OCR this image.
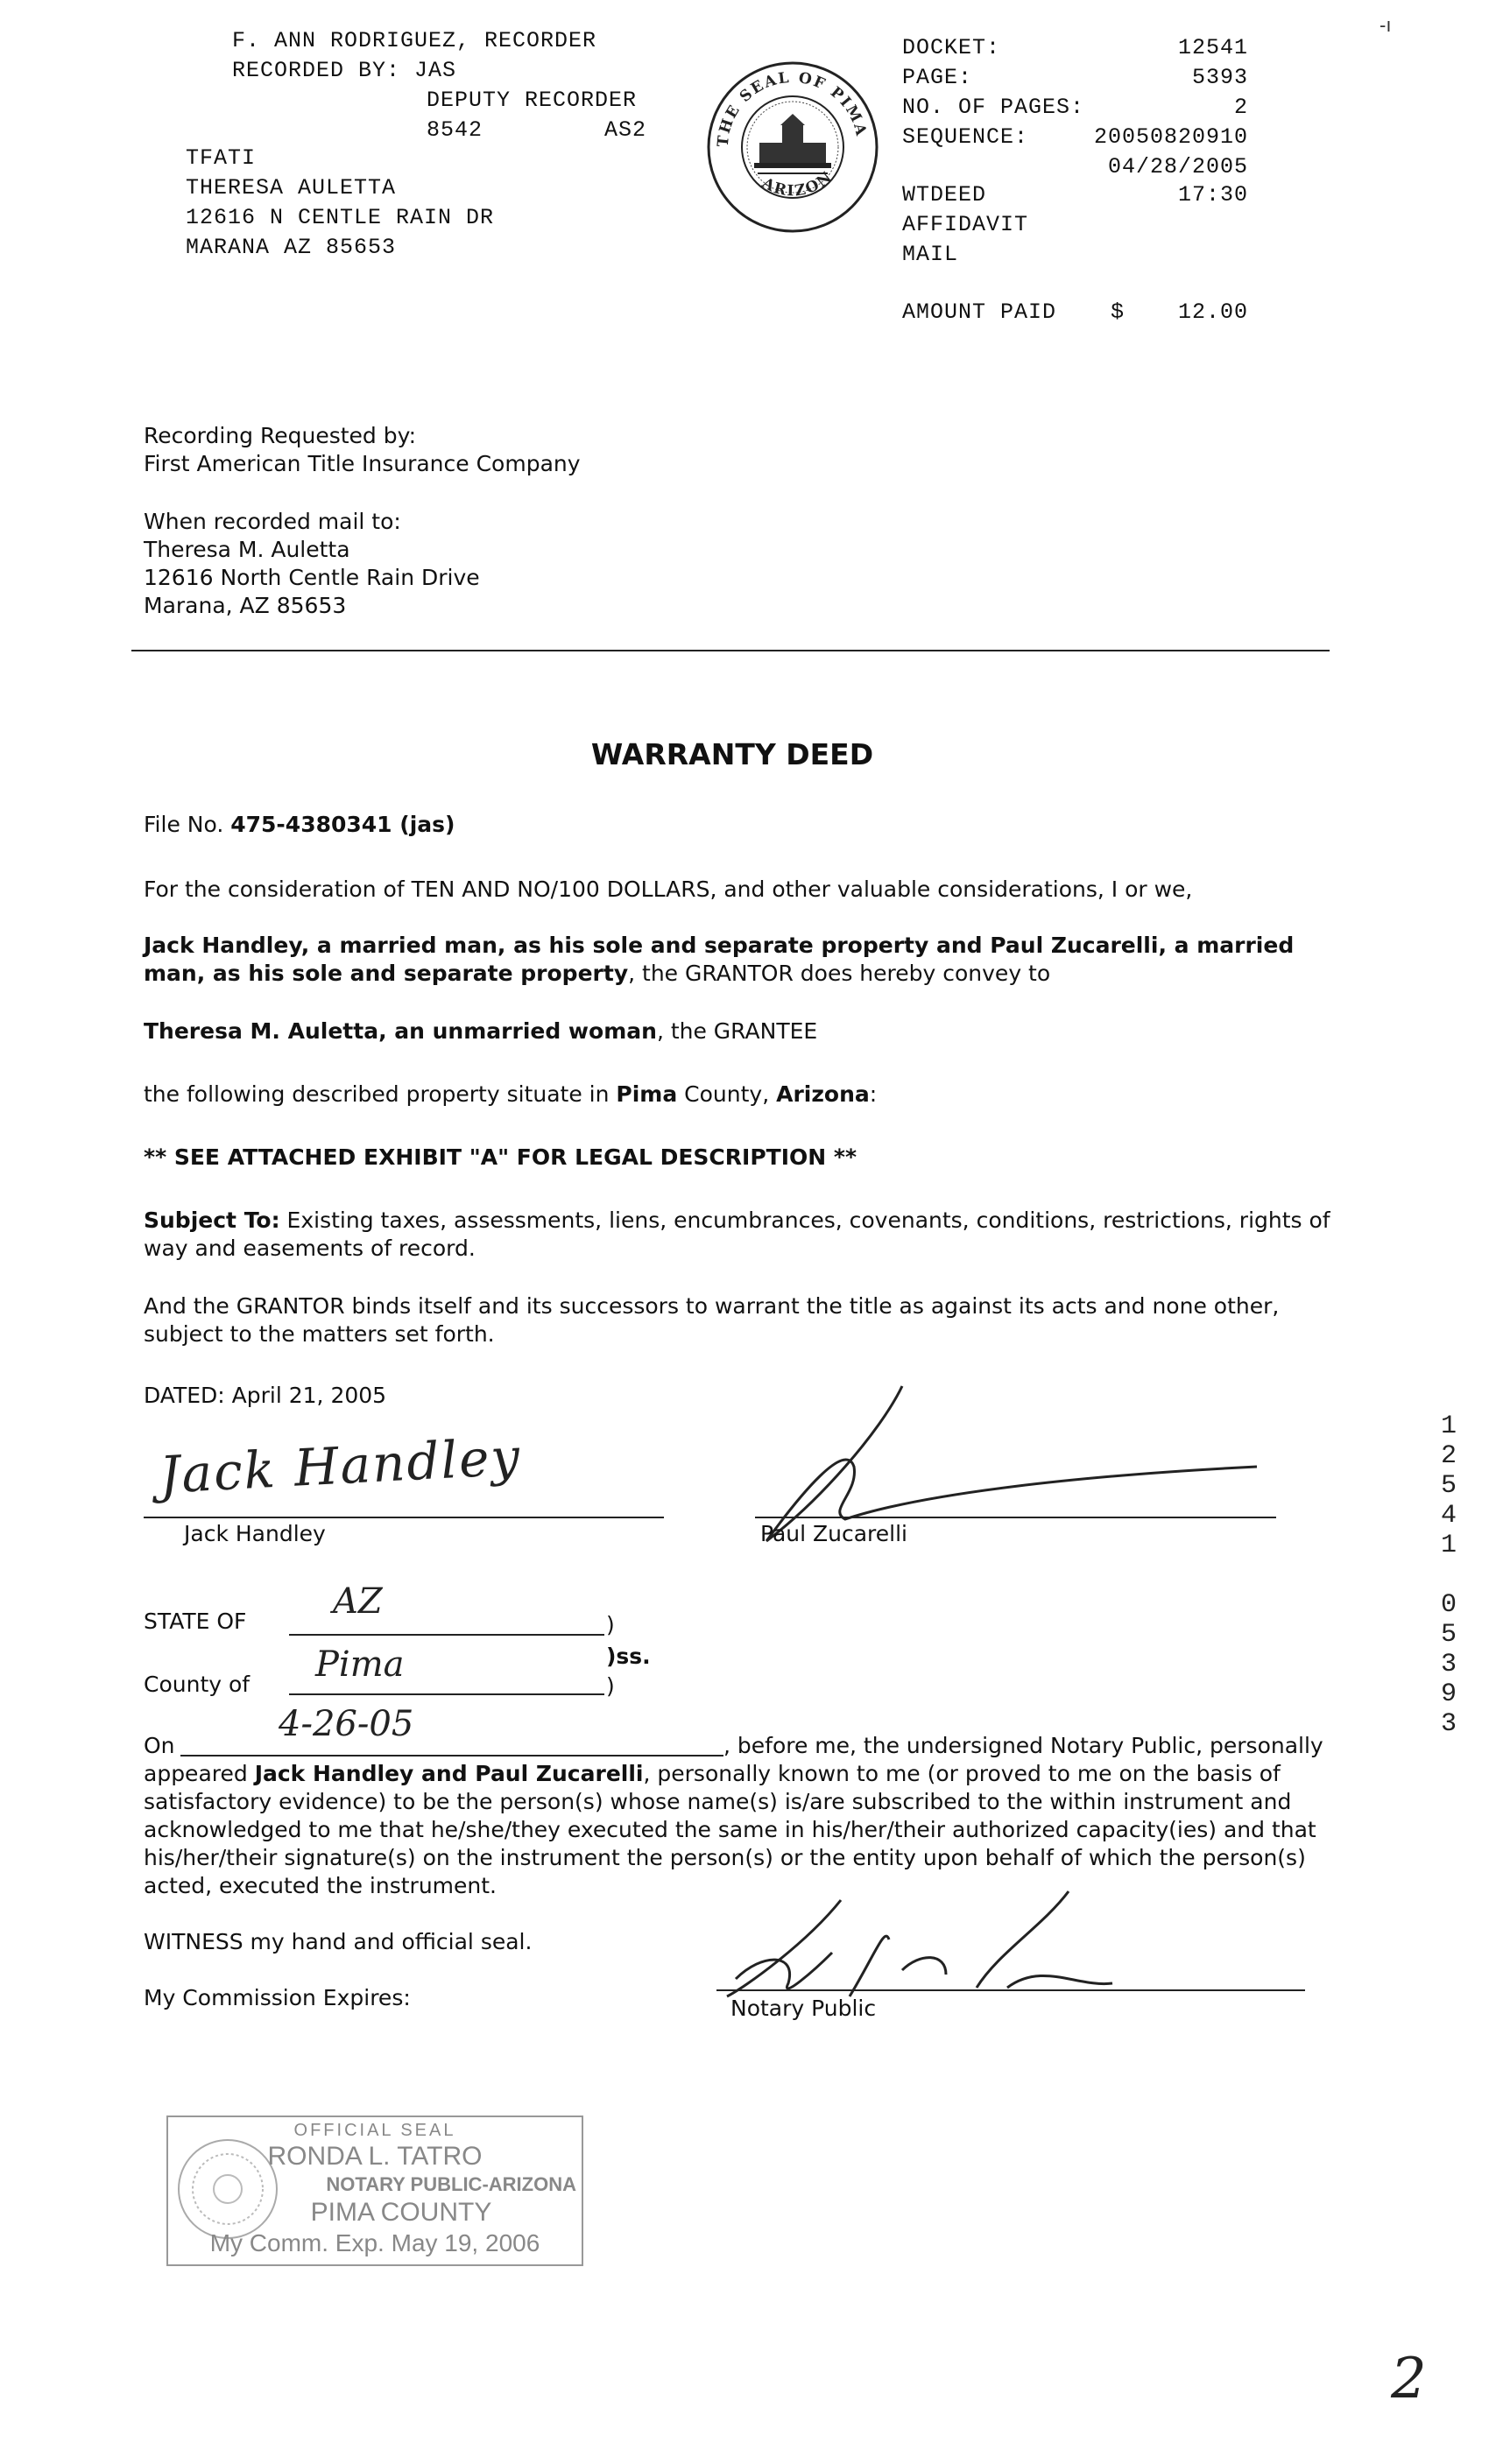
F. ANN RODRIGUEZ, RECORDER
RECORDED BY: JAS
DEPUTY RECORDER
8542	AS2
TFATI
THERESA AULETTA
12616 N CENTLE RAIN DR
MARANA AZ 85653
THE SEAL OF PIMA
ARIZON
DOCKET:	12541
PAGE:	5393
NO. OF PAGES:	2
SEQUENCE:	20050820910
04/28/2005
WTDEED	17:30
AFFIDAVIT
MAIL
AMOUNT PAID $	12.00
-ı
Recording Requested by:
First American Title Insurance Company
When recorded mail to:
Theresa M. Auletta
12616 North Centle Rain Drive
Marana, AZ 85653
WARRANTY DEED
File No. 475-4380341 (jas)
For the consideration of TEN AND NO/100 DOLLARS, and other valuable considerations, I or we,
Jack Handley, a married man, as his sole and separate property and Paul Zucarelli, a married man, as his sole and separate property, the GRANTOR does hereby convey to
Theresa M. Auletta, an unmarried woman, the GRANTEE
the following described property situate in Pima County, Arizona:
** SEE ATTACHED EXHIBIT "A" FOR LEGAL DESCRIPTION **
Subject To: Existing taxes, assessments, liens, encumbrances, covenants, conditions, restrictions, rights of way and easements of record.
And the GRANTOR binds itself and its successors to warrant the title as against its acts and none other, subject to the matters set forth.
DATED: April 21, 2005
Jack Handley
Jack Handley	Paul Zucarelli
STATE OF AZ
)
)ss.
County of Pima
)
On
4-26-05
, before me, the undersigned Notary Public, personally
appeared Jack Handley and Paul Zucarelli, personally known to me (or proved to me on the basis of satisfactory evidence) to be the person(s) whose name(s) is/are subscribed to the within instrument and acknowledged to me that he/she/they executed the same in his/her/their authorized capacity(ies) and that his/her/their signature(s) on the instrument the person(s) or the entity upon behalf of which the person(s) acted, executed the instrument.
WITNESS my hand and official seal.
My Commission Expires:	Notary Public
OFFICIAL SEAL
RONDA L. TATRO
NOTARY PUBLIC-ARIZONA
PIMA COUNTY
My Comm. Exp. May 19, 2006
1
2
5
4
1
0
5
3
9
3
2
